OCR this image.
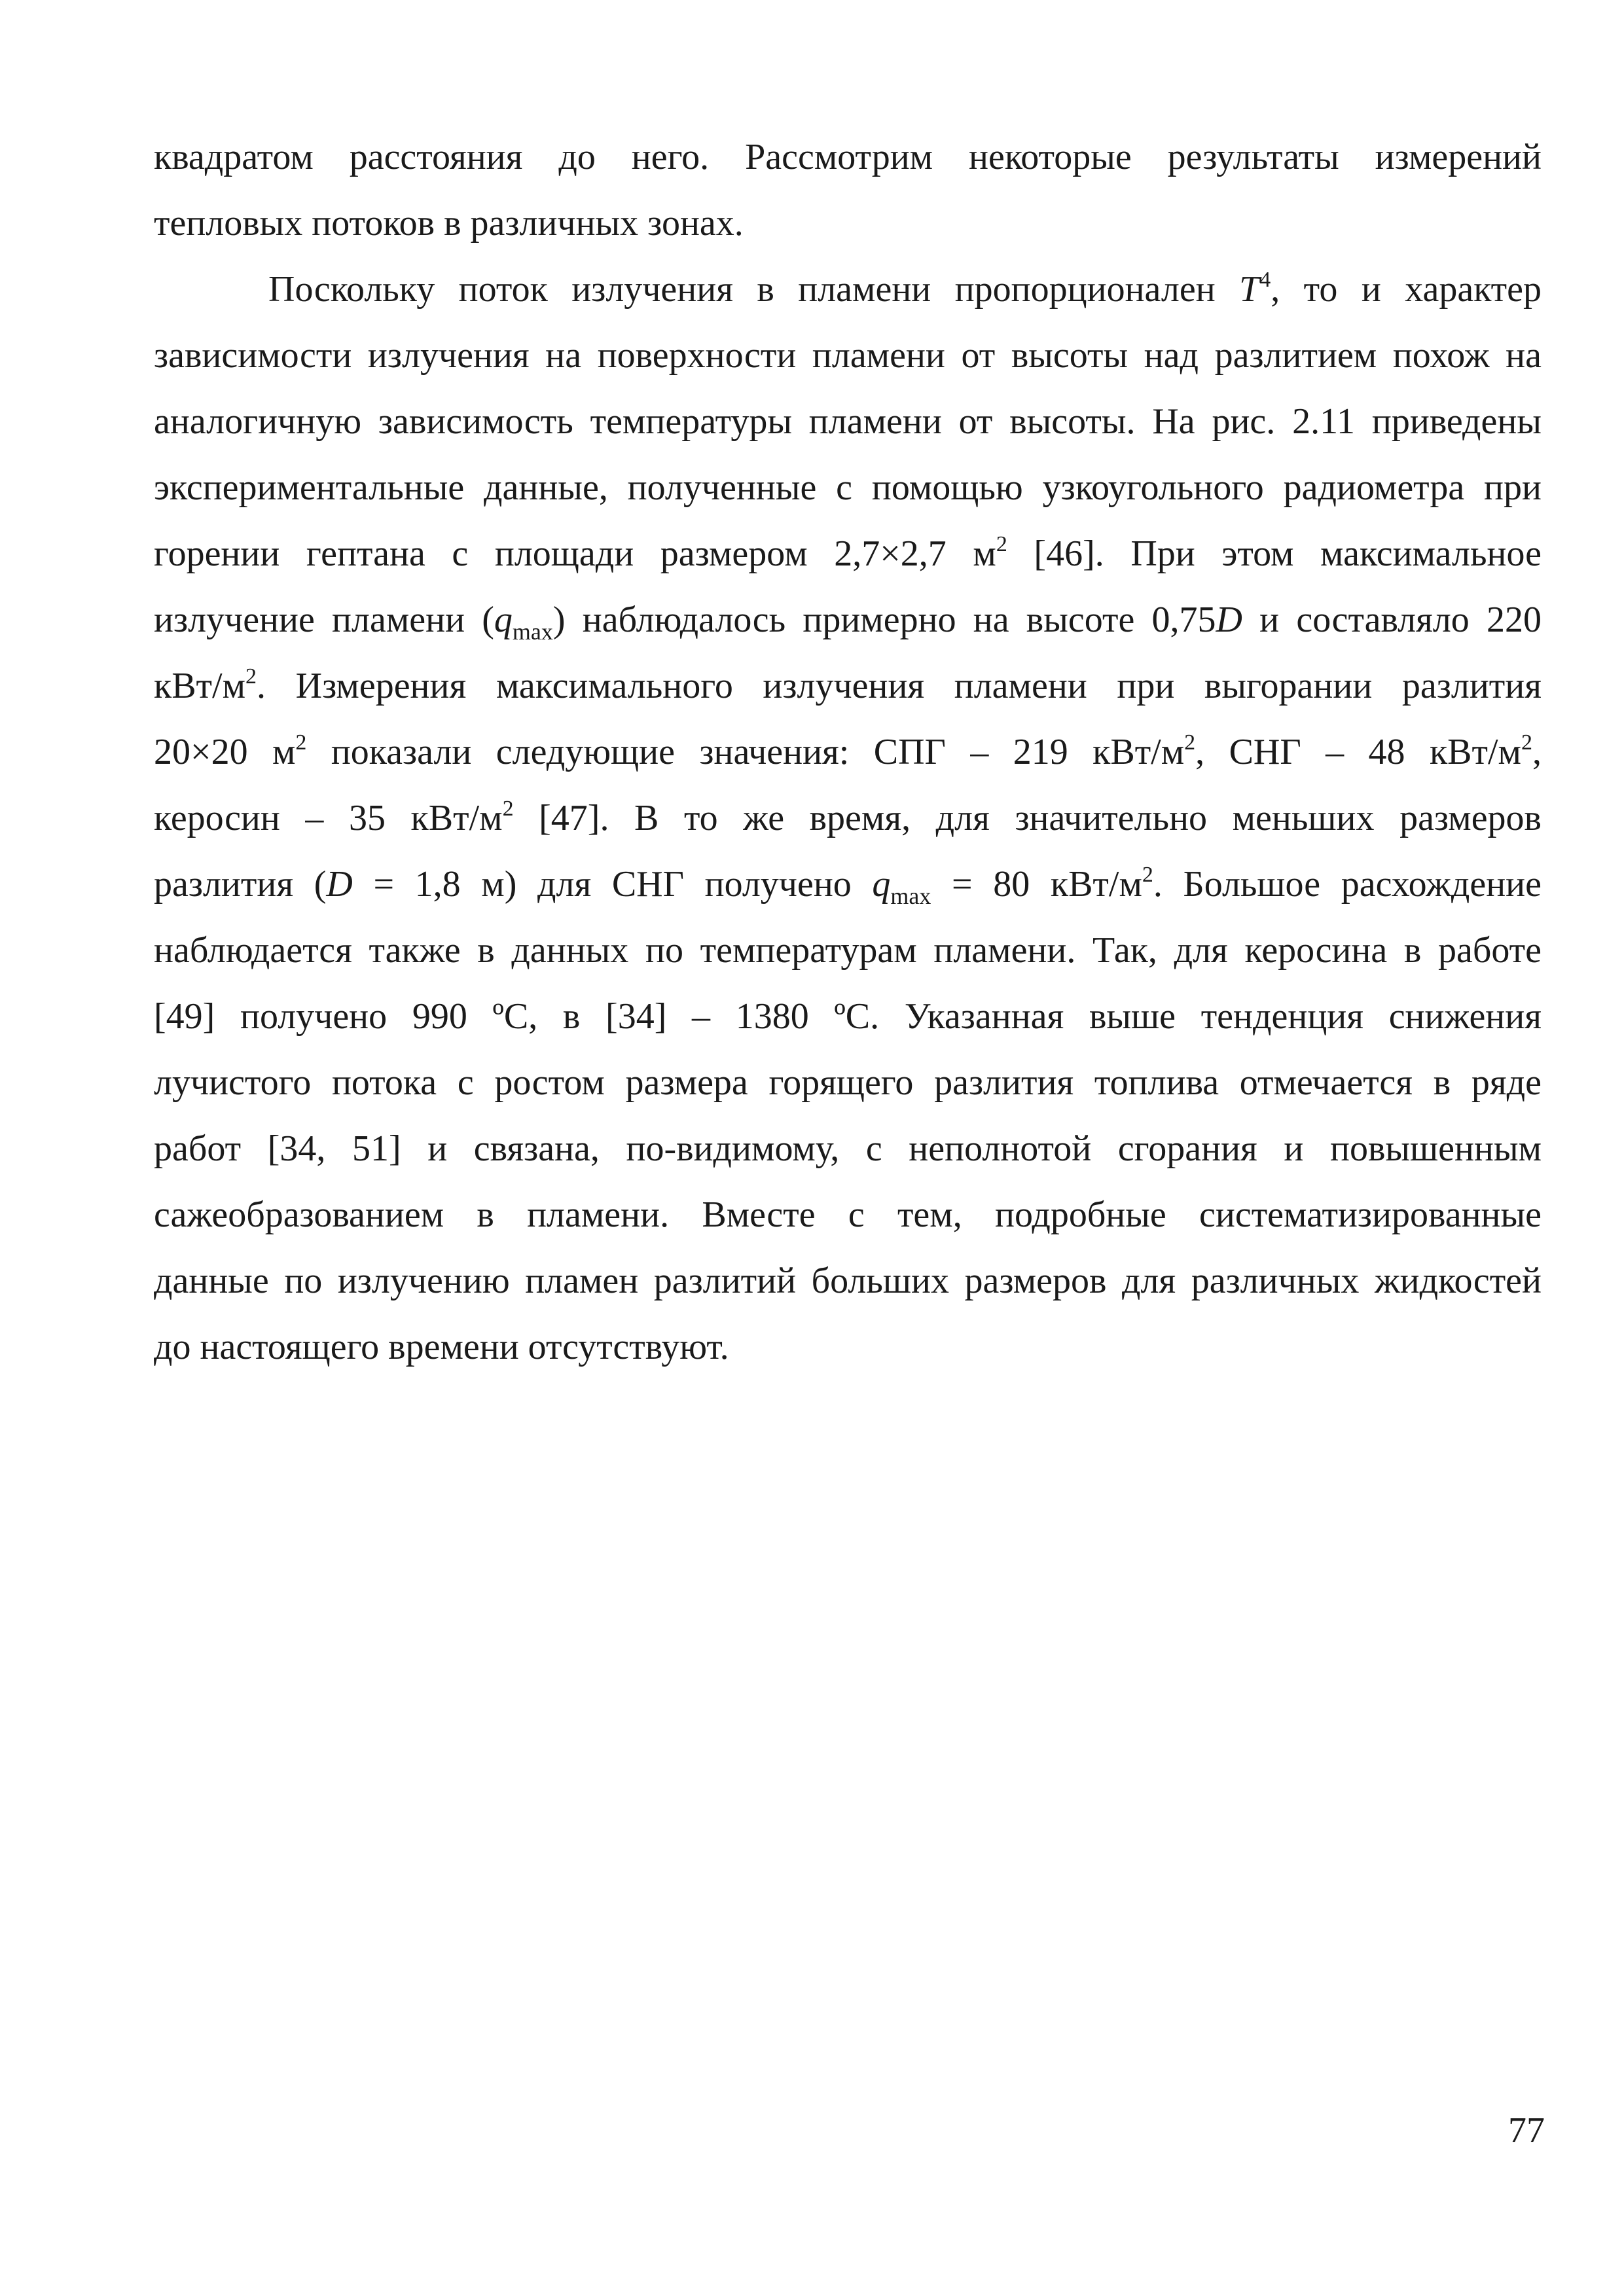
квадратом расстояния до него. Рассмотрим некоторые результаты измерений
тепловых потоков в различных зонах.
Поскольку поток излучения в пламени пропорционален $T^4$, то и характер
зависимости излучения на поверхности пламени от высоты над разлитием похож на
аналогичную зависимость температуры пламени от высоты. На рис. 2.11 приведены
экспериментальные данные, полученные с помощью узкоугольного радиометра при
горении гептана с площади размером 2,7×2,7 $м^2$ [46]. При этом максимальное
излучение пламени $(q_{max})$ наблюдалось примерно на высоте 0,75D и составляло 220
кВт/$м^2$. Измерения максимального излучения пламени при выгорании разлития
20×20 $м^2$ показали следующие значения: СПГ – 219 кВт/$м^2$, СНГ – 48 кВт/$м^2$,
керосин – 35 кВт/$м^2$ [47]. В то же время, для значительно меньших размеров
разлития (D = 1,8 м) для СНГ получено $q_{max} = 80$ кВт/$м^2$. Большое расхождение
наблюдается также в данных по температурам пламени. Так, для керосина в работе
[49] получено 990 ºС, в [34] – 1380 ºС. Указанная выше тенденция снижения
лучистого потока с ростом размера горящего разлития топлива отмечается в ряде
работ [34, 51] и связана, по-видимому, с неполнотой сгорания и повышенным
сажеобразованием в пламени. Вместе с тем, подробные систематизированные
данные по излучению пламен разлитий больших размеров для различных жидкостей
до настоящего времени отсутствуют.
77
